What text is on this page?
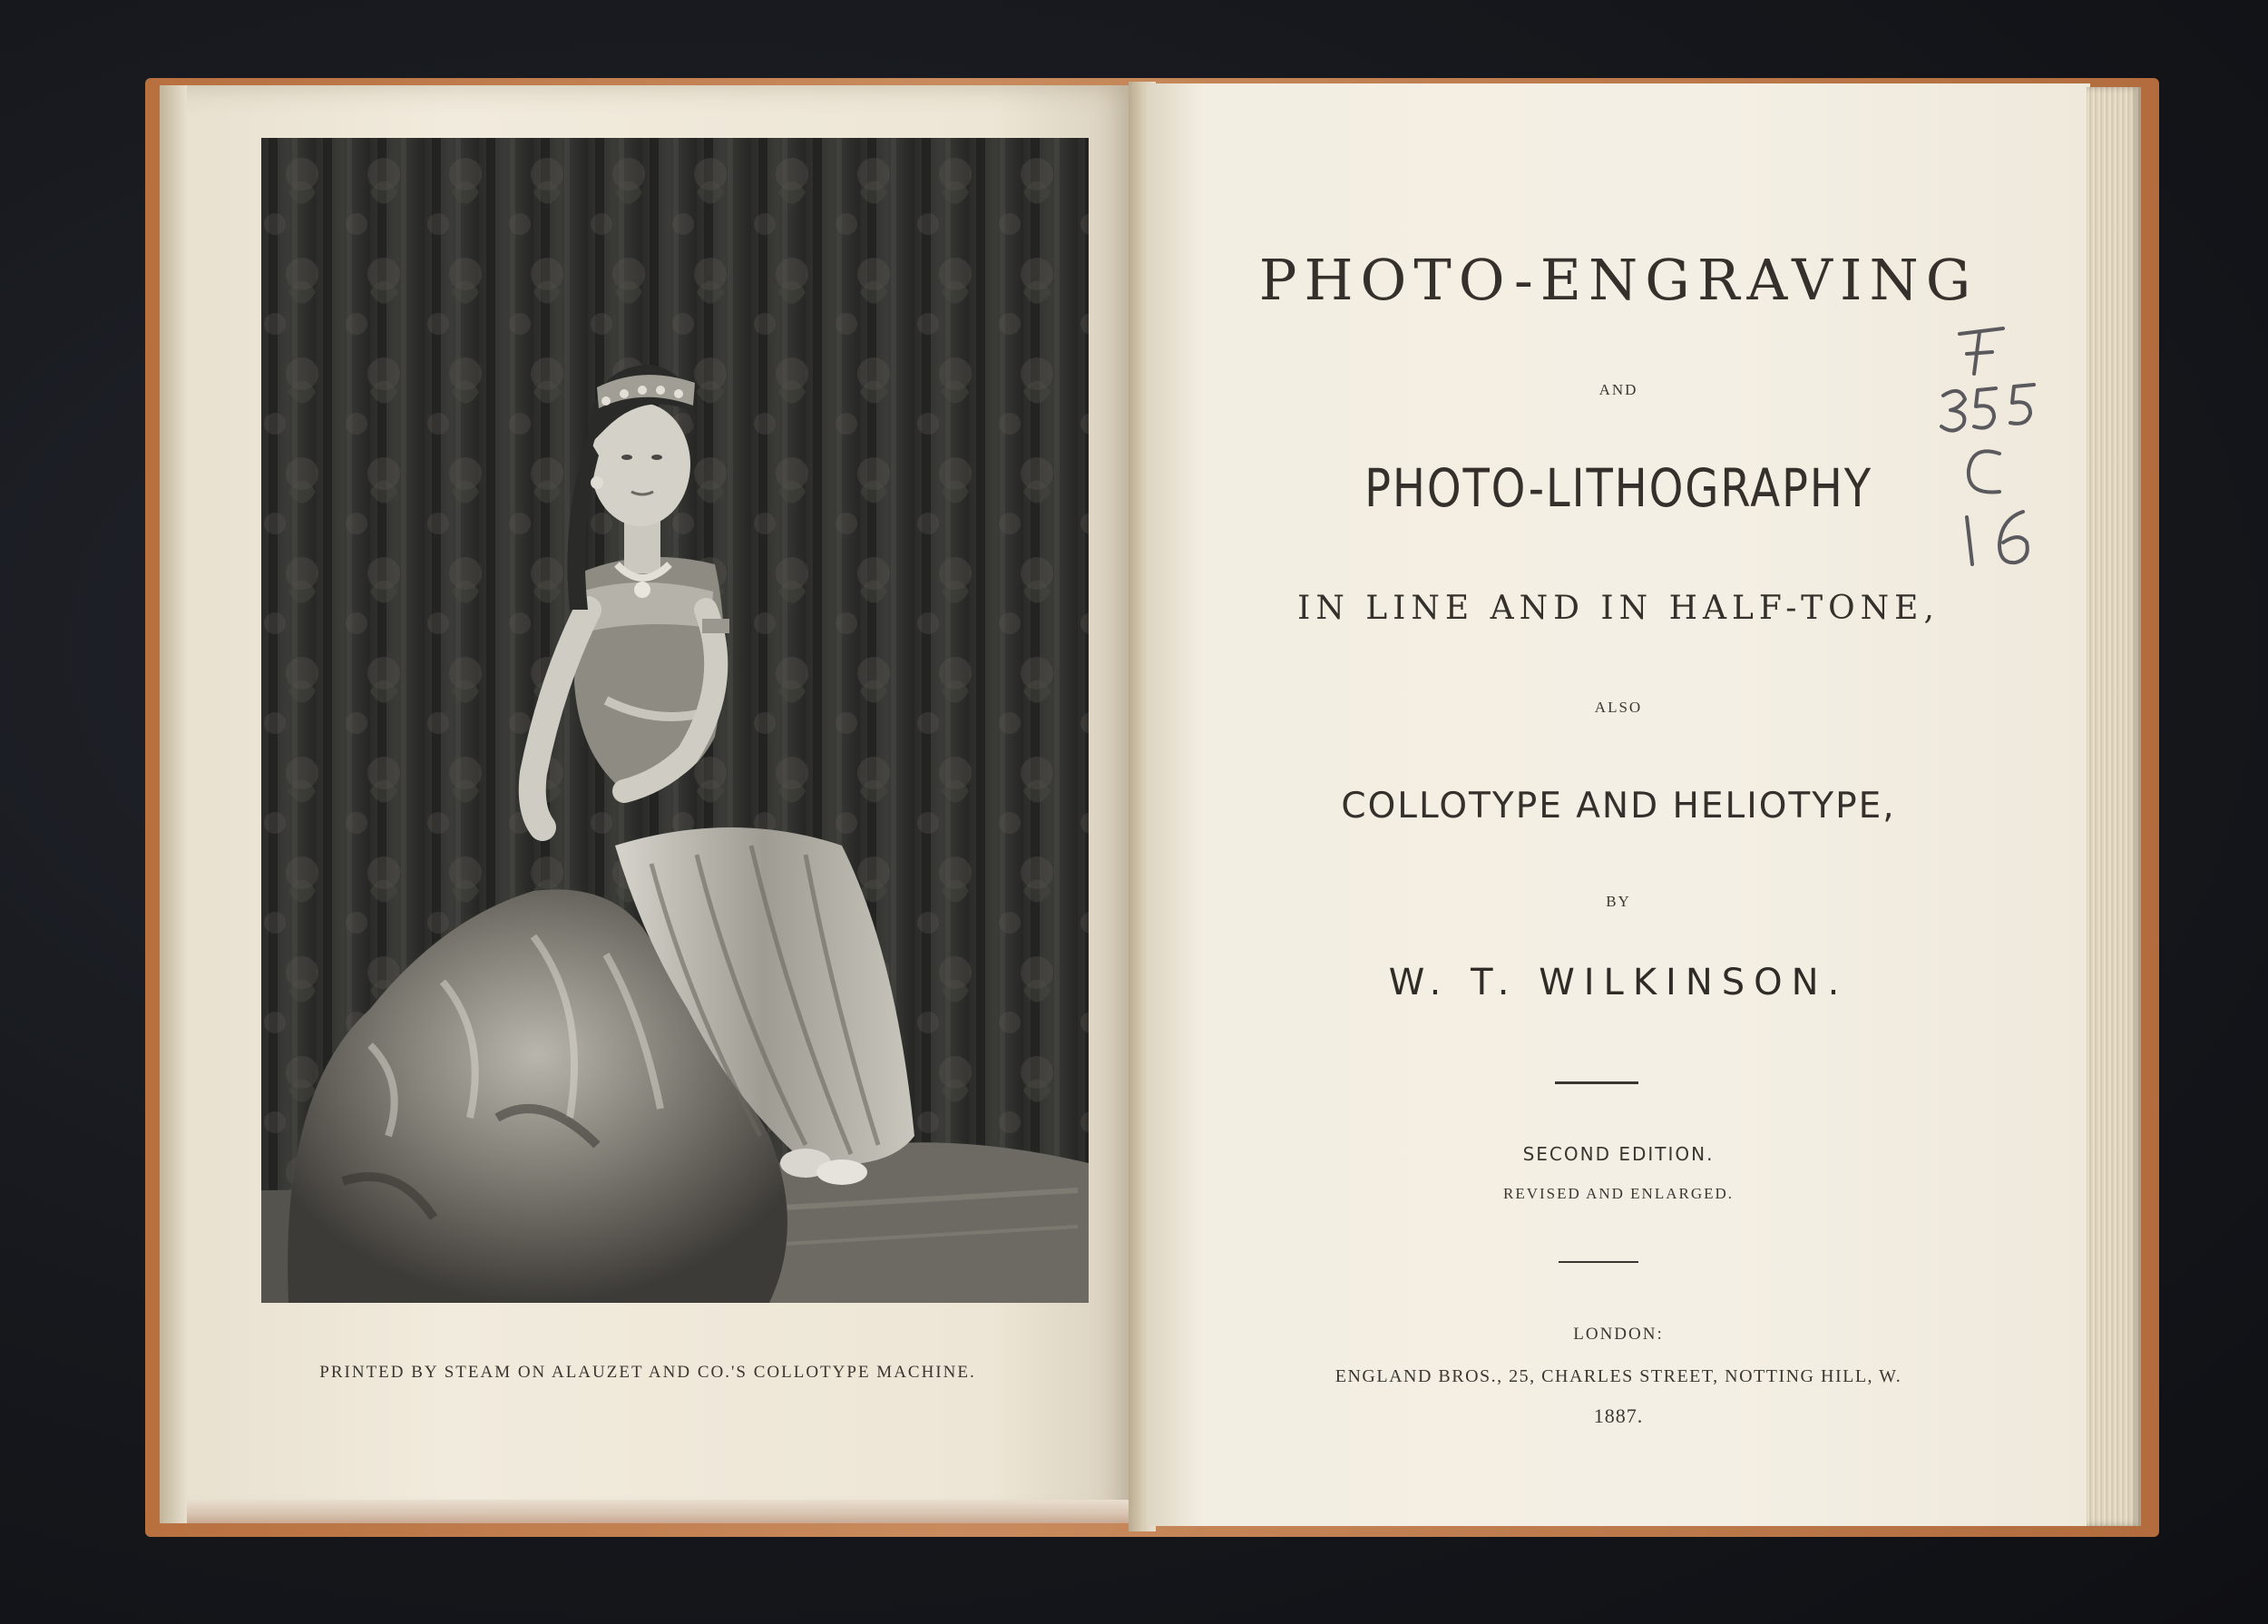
PRINTED BY STEAM ON ALAUZET AND CO.'S COLLOTYPE MACHINE.
PHOTO-ENGRAVING
AND
PHOTO-LITHOGRAPHY
IN LINE AND IN HALF-TONE,
ALSO
COLLOTYPE AND HELIOTYPE,
BY
W. T. WILKINSON.
SECOND EDITION.
REVISED AND ENLARGED.
LONDON:
ENGLAND BROS., 25, CHARLES STREET, NOTTING HILL, W.
1887.
